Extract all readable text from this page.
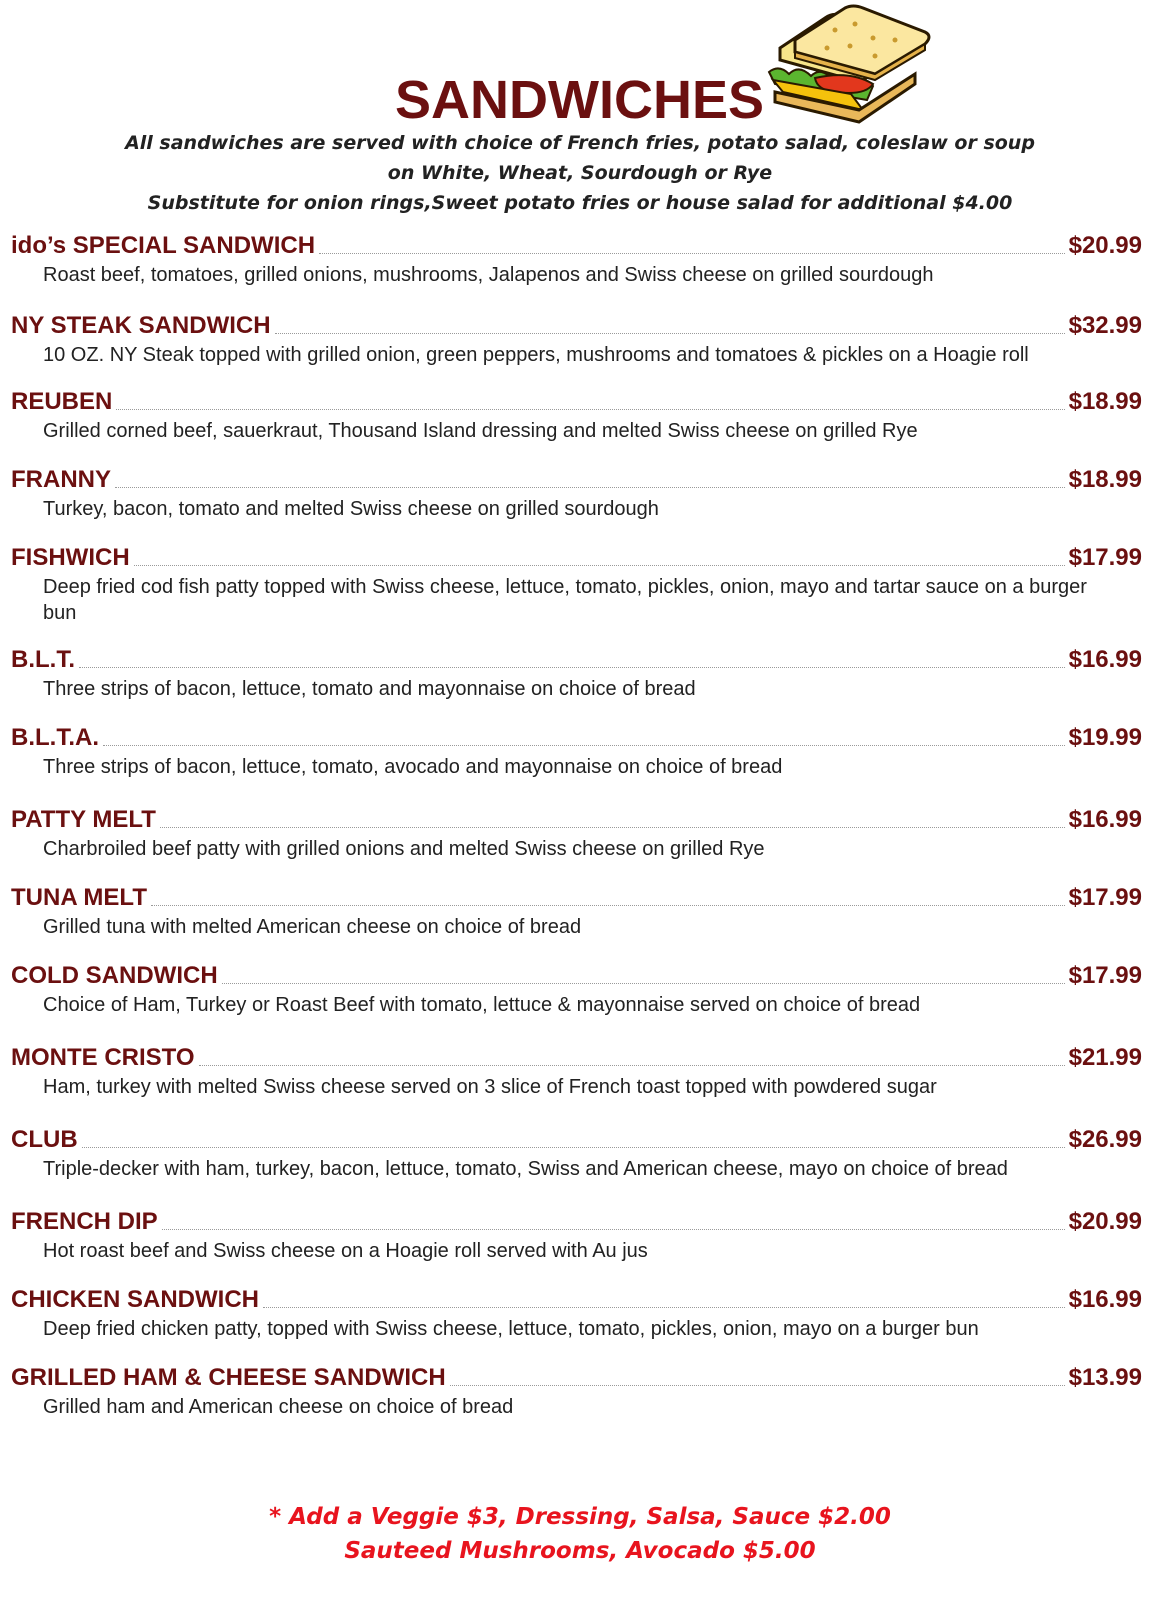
SANDWICHES
All sandwiches are served with choice of French fries, potato salad, coleslaw or soup
on White, Wheat, Sourdough or Rye
Substitute for onion rings,Sweet potato fries or house salad for additional $4.00
ido’s SPECIAL SANDWICH	$20.99
Roast beef, tomatoes, grilled onions, mushrooms, Jalapenos and Swiss cheese on grilled sourdough
NY STEAK SANDWICH	$32.99
10 OZ. NY Steak topped with grilled onion, green peppers, mushrooms and tomatoes & pickles on a Hoagie roll
REUBEN	$18.99
Grilled corned beef, sauerkraut, Thousand Island dressing and melted Swiss cheese on grilled Rye
FRANNY	$18.99
Turkey, bacon, tomato and melted Swiss cheese on grilled sourdough
FISHWICH	$17.99
Deep fried cod fish patty topped with Swiss cheese, lettuce, tomato, pickles, onion, mayo and tartar sauce on a burger bun
B.L.T.	$16.99
Three strips of bacon, lettuce, tomato and mayonnaise on choice of bread
B.L.T.A.	$19.99
Three strips of bacon, lettuce, tomato, avocado and mayonnaise on choice of bread
PATTY MELT	$16.99
Charbroiled beef patty with grilled onions and melted Swiss cheese on grilled Rye
TUNA MELT	$17.99
Grilled tuna with melted American cheese on choice of bread
COLD SANDWICH	$17.99
Choice of Ham, Turkey or Roast Beef with tomato, lettuce & mayonnaise served on choice of bread
MONTE CRISTO	$21.99
Ham, turkey with melted Swiss cheese served on 3 slice of French toast topped with powdered sugar
CLUB	$26.99
Triple-decker with ham, turkey, bacon, lettuce, tomato, Swiss and American cheese, mayo on choice of bread
FRENCH DIP	$20.99
Hot roast beef and Swiss cheese on a Hoagie roll served with Au jus
CHICKEN SANDWICH	$16.99
Deep fried chicken patty, topped with Swiss cheese, lettuce, tomato, pickles, onion, mayo on a burger bun
GRILLED HAM & CHEESE SANDWICH	$13.99
Grilled ham and American cheese on choice of bread
* Add a Veggie $3, Dressing, Salsa, Sauce $2.00
Sauteed Mushrooms, Avocado $5.00
